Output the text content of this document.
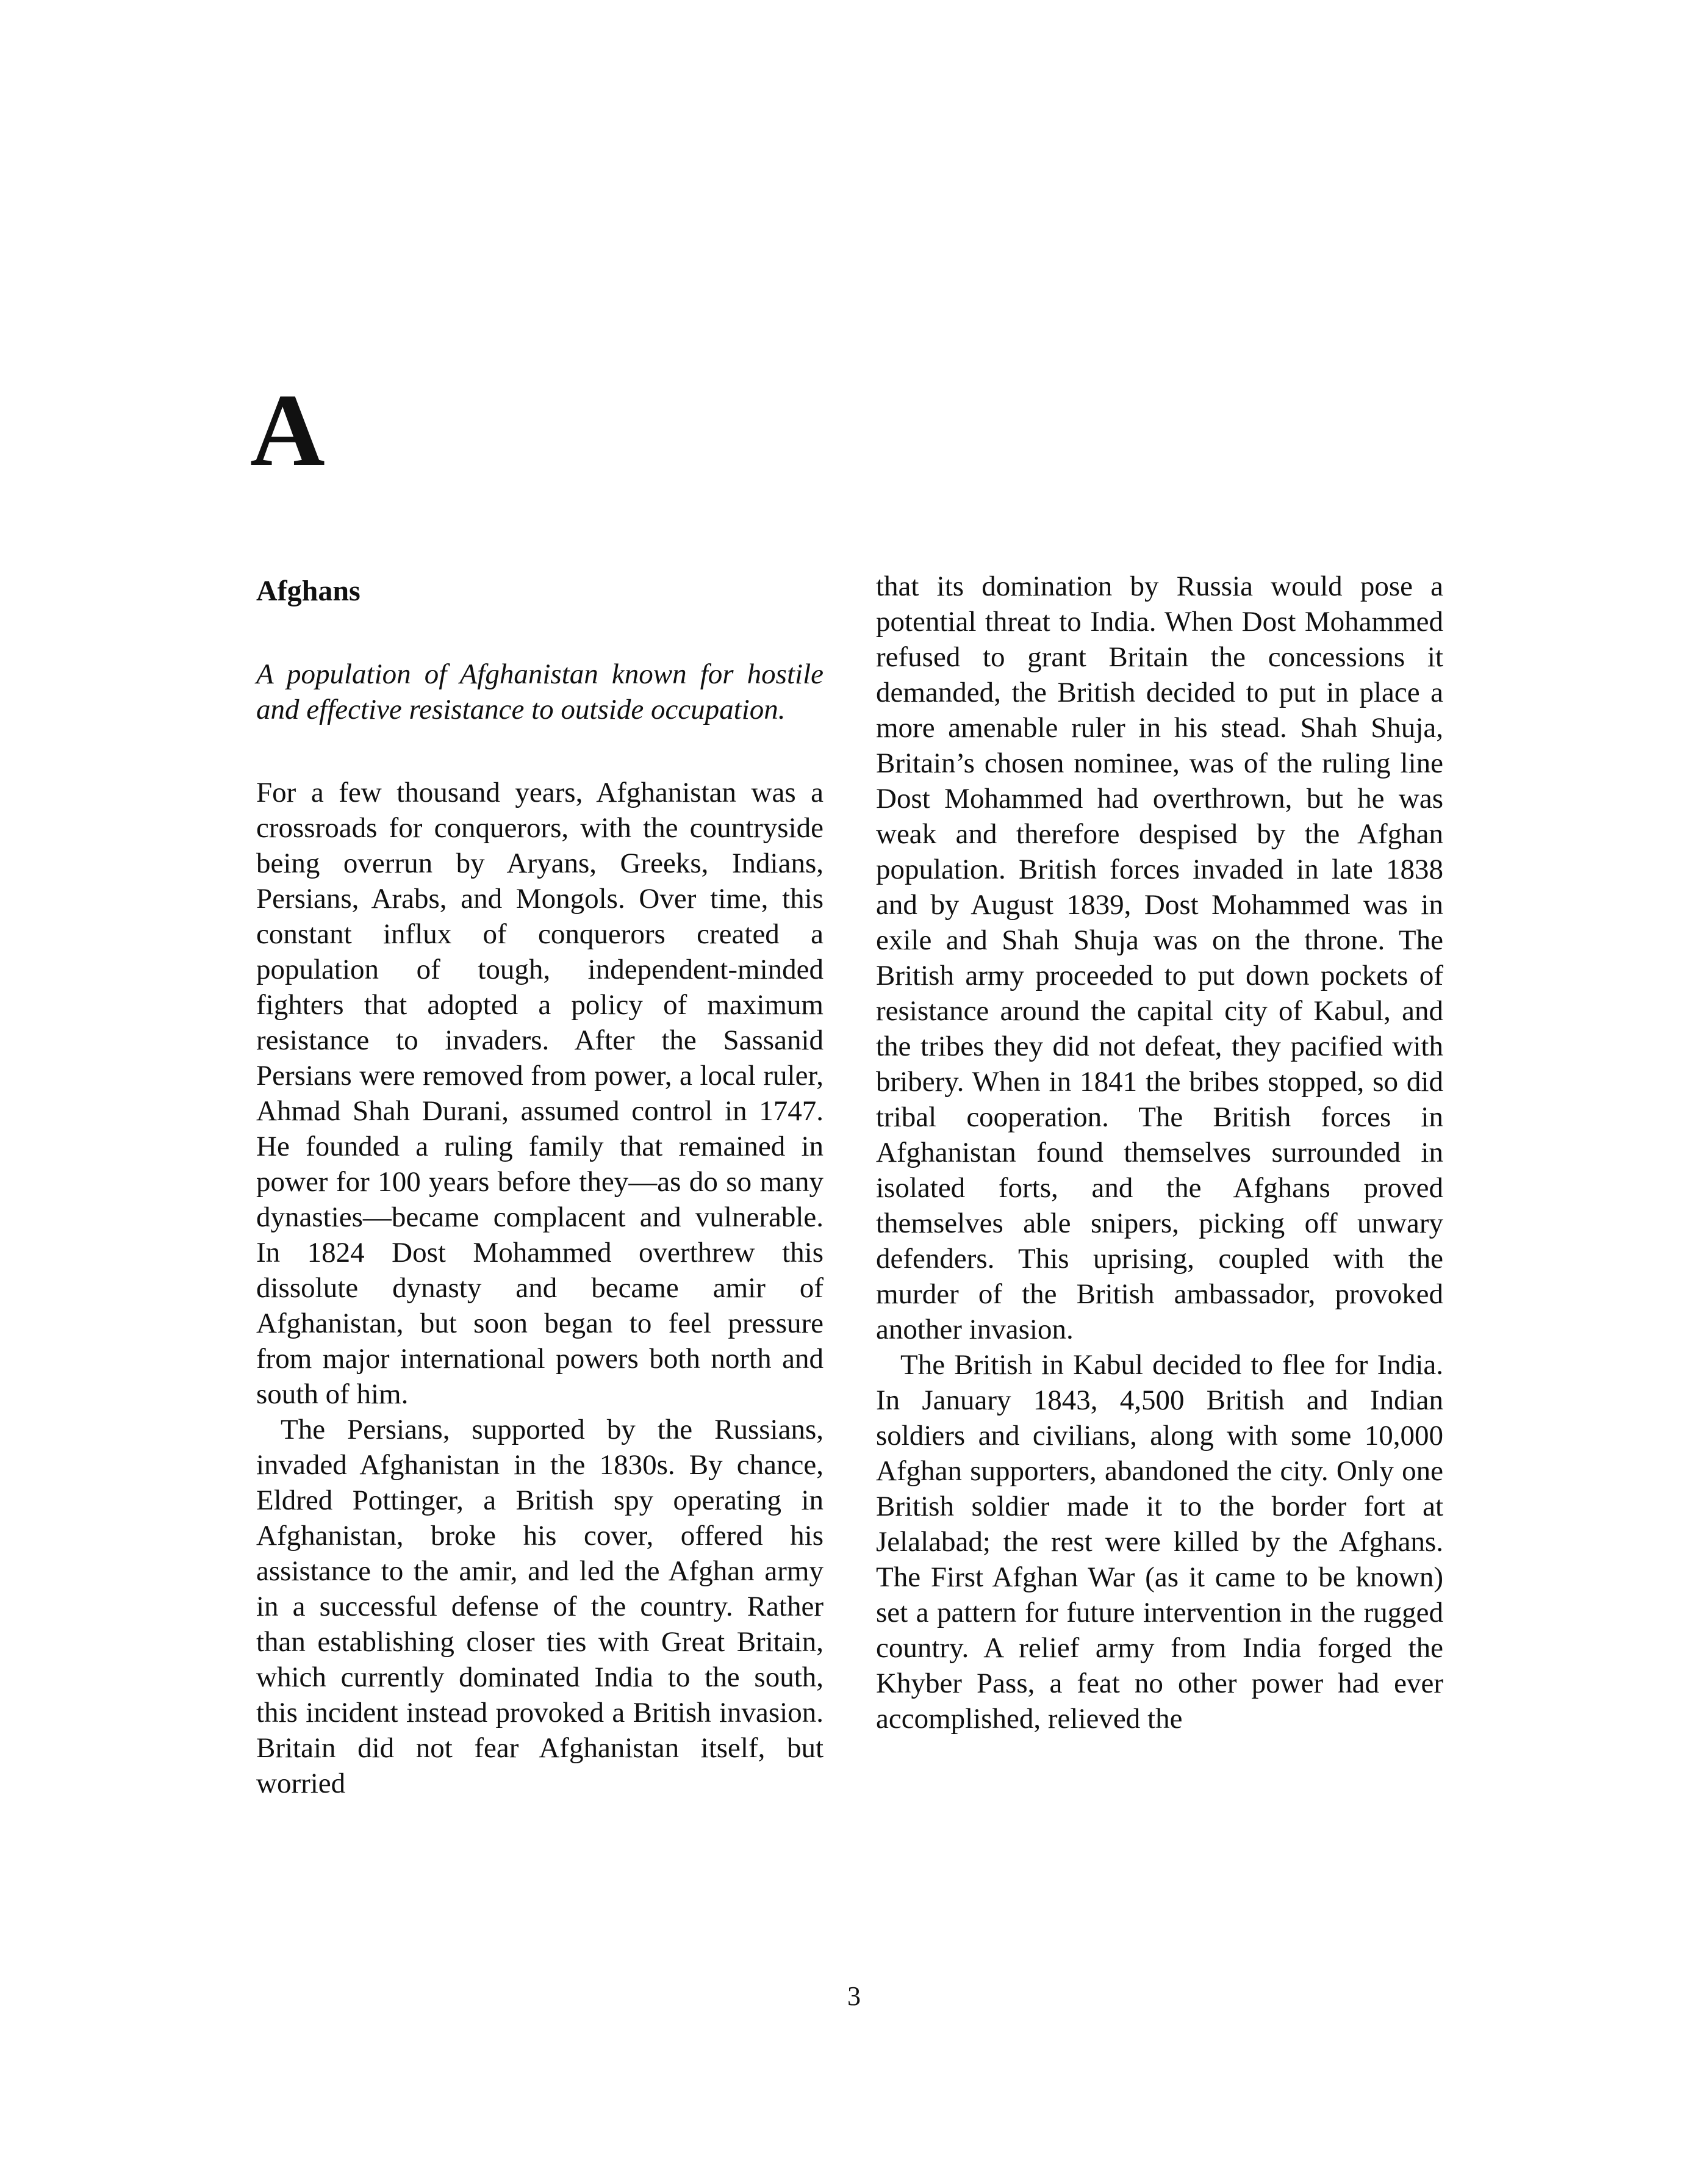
A
Afghans

A population of Afghanistan known for hostile and effective resistance to outside occupation.

For a few thousand years, Afghanistan was a crossroads for conquerors, with the countryside being overrun by Aryans, Greeks, Indians, Persians, Arabs, and Mongols. Over time, this constant influx of conquerors created a population of tough, independent-minded fighters that adopted a policy of maximum resistance to invaders. After the Sassanid Persians were removed from power, a local ruler, Ahmad Shah Durani, assumed control in 1747. He founded a ruling family that remained in power for 100 years before they—as do so many dynasties—became complacent and vulnerable. In 1824 Dost Mohammed overthrew this dissolute dynasty and became amir of Afghanistan, but soon began to feel pressure from major international powers both north and south of him.

The Persians, supported by the Russians, invaded Afghanistan in the 1830s. By chance, Eldred Pottinger, a British spy operating in Afghanistan, broke his cover, offered his assistance to the amir, and led the Afghan army in a successful defense of the country. Rather than establishing closer ties with Great Britain, which currently dominated India to the south, this incident instead provoked a British invasion. Britain did not fear Afghanistan itself, but worried

that its domination by Russia would pose a potential threat to India. When Dost Mohammed refused to grant Britain the concessions it demanded, the British decided to put in place a more amenable ruler in his stead. Shah Shuja, Britain’s chosen nominee, was of the ruling line Dost Mohammed had overthrown, but he was weak and therefore despised by the Afghan population. British forces invaded in late 1838 and by August 1839, Dost Mohammed was in exile and Shah Shuja was on the throne. The British army proceeded to put down pockets of resistance around the capital city of Kabul, and the tribes they did not defeat, they pacified with bribery. When in 1841 the bribes stopped, so did tribal cooperation. The British forces in Afghanistan found themselves surrounded in isolated forts, and the Afghans proved themselves able snipers, picking off unwary defenders. This uprising, coupled with the murder of the British ambassador, provoked another invasion.

The British in Kabul decided to flee for India. In January 1843, 4,500 British and Indian soldiers and civilians, along with some 10,000 Afghan supporters, abandoned the city. Only one British soldier made it to the border fort at Jelalabad; the rest were killed by the Afghans. The First Afghan War (as it came to be known) set a pattern for future intervention in the rugged country. A relief army from India forged the Khyber Pass, a feat no other power had ever accomplished, relieved the

3
